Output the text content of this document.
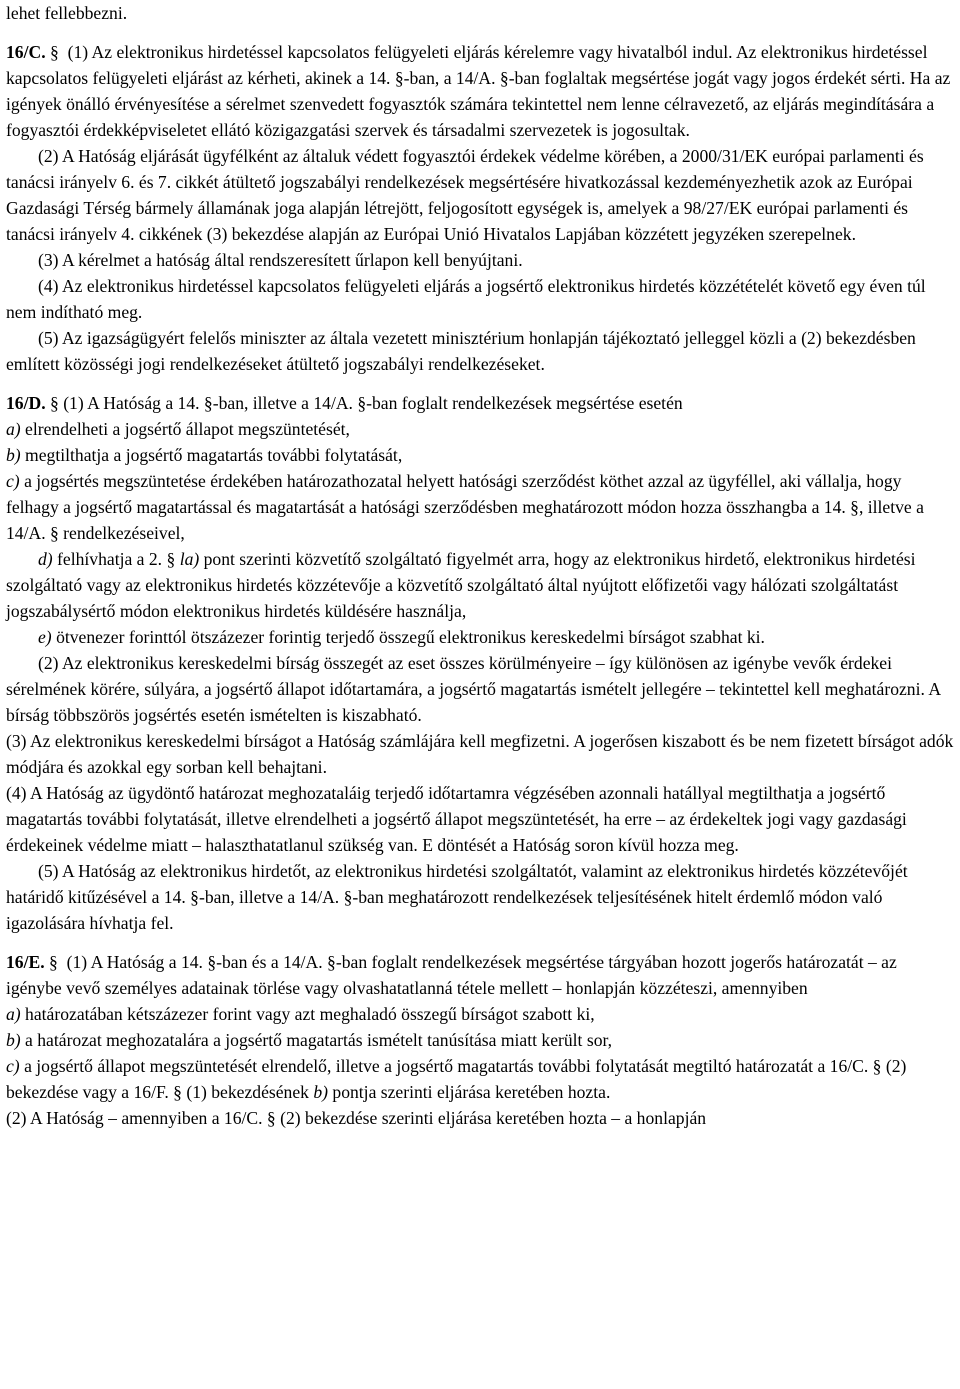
lehet fellebbezni.

16/C. § (1) Az elektronikus hirdetéssel kapcsolatos felügyeleti eljárás kérelemre vagy hivatalból indul. Az elektronikus hirdetéssel kapcsolatos felügyeleti eljárást az kérheti, akinek a 14. §-ban, a 14/A. §-ban foglaltak megsértése jogát vagy jogos érdekét sérti. Ha az igények önálló érvényesítése a sérelmet szenvedett fogyasztók számára tekintettel nem lenne célravezető, az eljárás megindítására a fogyasztói érdekképviseletet ellátó közigazgatási szervek és társadalmi szervezetek is jogosultak.

(2) A Hatóság eljárását ügyfélként az általuk védett fogyasztói érdekek védelme körében, a 2000/31/EK európai parlamenti és tanácsi irányelv 6. és 7. cikkét átültető jogszabályi rendelkezések megsértésére hivatkozással kezdeményezhetik azok az Európai Gazdasági Térség bármely államának joga alapján létrejött, feljogosított egységek is, amelyek a 98/27/EK európai parlamenti és tanácsi irányelv 4. cikkének (3) bekezdése alapján az Európai Unió Hivatalos Lapjában közzétett jegyzéken szerepelnek.

(3) A kérelmet a hatóság által rendszeresített űrlapon kell benyújtani.

(4) Az elektronikus hirdetéssel kapcsolatos felügyeleti eljárás a jogsértő elektronikus hirdetés közzétételét követő egy éven túl nem indítható meg.

(5) Az igazságügyért felelős miniszter az általa vezetett minisztérium honlapján tájékoztató jelleggel közli a (2) bekezdésben említett közösségi jogi rendelkezéseket átültető jogszabályi rendelkezéseket.

16/D. § (1) A Hatóság a 14. §-ban, illetve a 14/A. §-ban foglalt rendelkezések megsértése esetén

a) elrendelheti a jogsértő állapot megszüntetését,

b) megtilthatja a jogsértő magatartás további folytatását,

c) a jogsértés megszüntetése érdekében határozathozatal helyett hatósági szerződést köthet azzal az ügyféllel, aki vállalja, hogy felhagy a jogsértő magatartással és magatartását a hatósági szerződésben meghatározott módon hozza összhangba a 14. §, illetve a 14/A. § rendelkezéseivel,

d) felhívhatja a 2. § la) pont szerinti közvetítő szolgáltató figyelmét arra, hogy az elektronikus hirdető, elektronikus hirdetési szolgáltató vagy az elektronikus hirdetés közzétevője a közvetítő szolgáltató által nyújtott előfizetői vagy hálózati szolgáltatást jogszabálysértő módon elektronikus hirdetés küldésére használja,

e) ötvenezer forinttól ötszázezer forintig terjedő összegű elektronikus kereskedelmi bírságot szabhat ki.

(2) Az elektronikus kereskedelmi bírság összegét az eset összes körülményeire – így különösen az igénybe vevők érdekei sérelmének körére, súlyára, a jogsértő állapot időtartamára, a jogsértő magatartás ismételt jellegére – tekintettel kell meghatározni. A bírság többszörös jogsértés esetén ismételten is kiszabható.

(3) Az elektronikus kereskedelmi bírságot a Hatóság számlájára kell megfizetni. A jogerősen kiszabott és be nem fizetett bírságot adók módjára és azokkal egy sorban kell behajtani.

(4) A Hatóság az ügydöntő határozat meghozataláig terjedő időtartamra végzésében azonnali hatállyal megtilthatja a jogsértő magatartás további folytatását, illetve elrendelheti a jogsértő állapot megszüntetését, ha erre – az érdekeltek jogi vagy gazdasági érdekeinek védelme miatt – halaszthatatlanul szükség van. E döntését a Hatóság soron kívül hozza meg.

(5) A Hatóság az elektronikus hirdetőt, az elektronikus hirdetési szolgáltatót, valamint az elektronikus hirdetés közzétevőjét határidő kitűzésével a 14. §-ban, illetve a 14/A. §-ban meghatározott rendelkezések teljesítésének hitelt érdemlő módon való igazolására hívhatja fel.

16/E. § (1) A Hatóság a 14. §-ban és a 14/A. §-ban foglalt rendelkezések megsértése tárgyában hozott jogerős határozatát – az igénybe vevő személyes adatainak törlése vagy olvashatatlanná tétele mellett – honlapján közzéteszi, amennyiben

a) határozatában kétszázezer forint vagy azt meghaladó összegű bírságot szabott ki,

b) a határozat meghozatalára a jogsértő magatartás ismételt tanúsítása miatt került sor,

c) a jogsértő állapot megszüntetését elrendelő, illetve a jogsértő magatartás további folytatását megtiltó határozatát a 16/C. § (2) bekezdése vagy a 16/F. § (1) bekezdésének b) pontja szerinti eljárása keretében hozta.

(2) A Hatóság – amennyiben a 16/C. § (2) bekezdése szerinti eljárása keretében hozta – a honlapján
